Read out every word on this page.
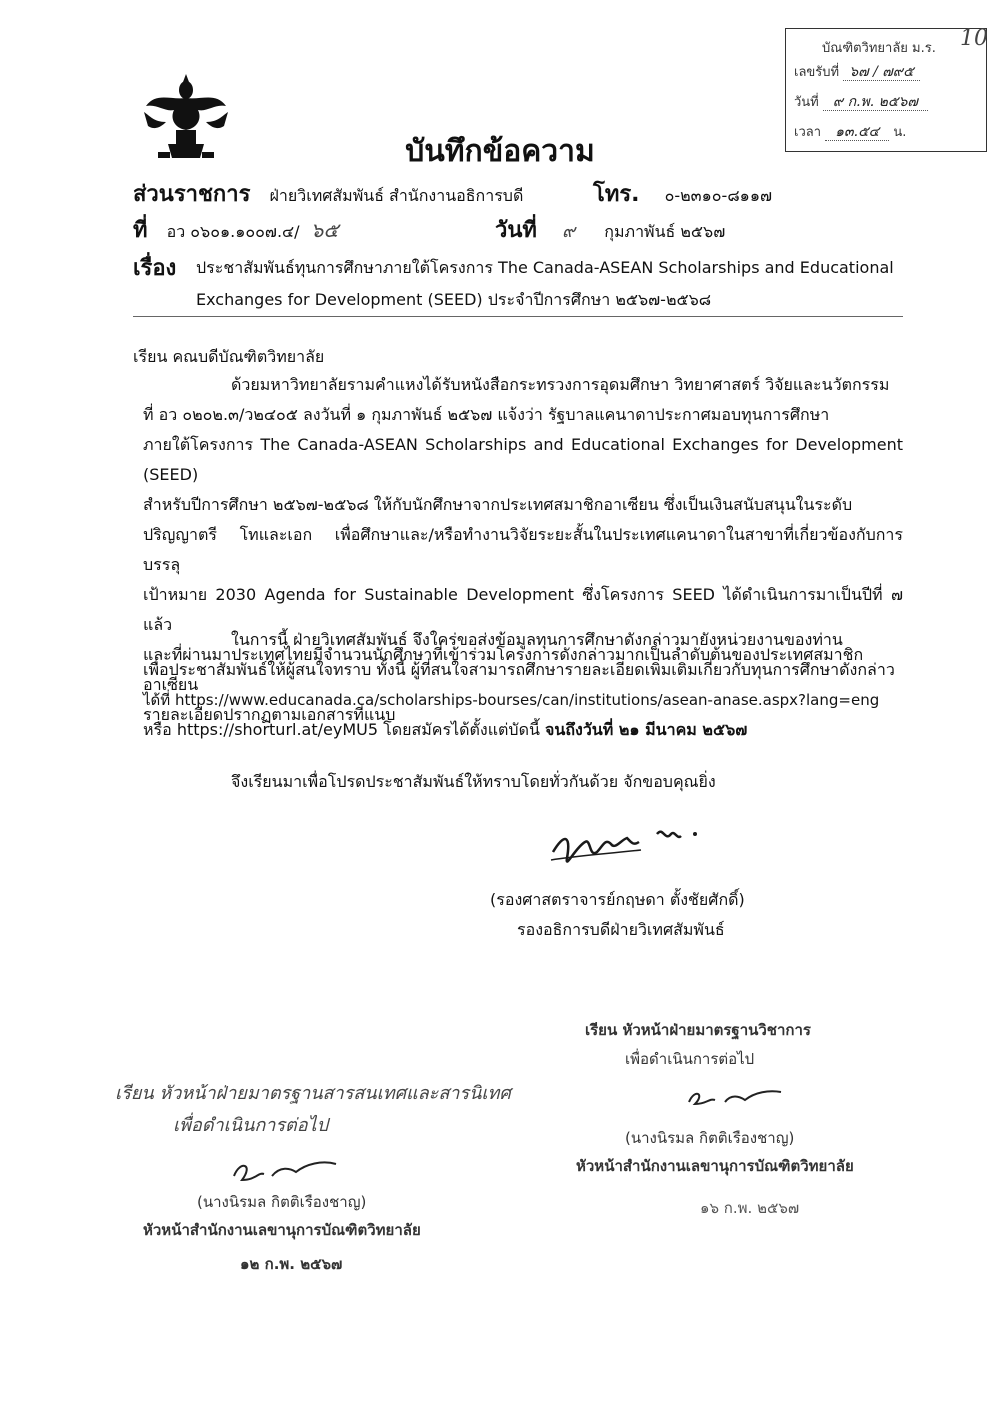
บัณฑิตวิทยาลัย ม.ร.
เลขรับที่ ๖๗ / ๗๙๕
วันที่ ๙ ก.พ. ๒๕๖๗
เวลา ๑๓.๕๔ น.
10
บันทึกข้อความ
ส่วนราชการ ฝ่ายวิเทศสัมพันธ์ สำนักงานอธิการบดี	โทร. ๐-๒๓๑๐-๘๑๑๗
ที่ อว ๐๖๐๑.๑๐๐๗.๔/ ๖๕	วันที่ ๙ กุมภาพันธ์ ๒๕๖๗
เรื่อง ประชาสัมพันธ์ทุนการศึกษาภายใต้โครงการ The Canada-ASEAN Scholarships and Educational
Exchanges for Development (SEED) ประจำปีการศึกษา ๒๕๖๗-๒๕๖๘
เรียน คณบดีบัณฑิตวิทยาลัย
ด้วยมหาวิทยาลัยรามคำแหงได้รับหนังสือกระทรวงการอุดมศึกษา วิทยาศาสตร์ วิจัยและนวัตกรรม
ที่ อว ๐๒๐๒.๓/ว๒๔๐๕ ลงวันที่ ๑ กุมภาพันธ์ ๒๕๖๗ แจ้งว่า รัฐบาลแคนาดาประกาศมอบทุนการศึกษา
ภายใต้โครงการ The Canada-ASEAN Scholarships and Educational Exchanges for Development (SEED)
สำหรับปีการศึกษา ๒๕๖๗-๒๕๖๘ ให้กับนักศึกษาจากประเทศสมาชิกอาเซียน ซึ่งเป็นเงินสนับสนุนในระดับ
ปริญญาตรี โทและเอก เพื่อศึกษาและ/หรือทำงานวิจัยระยะสั้นในประเทศแคนาดาในสาขาที่เกี่ยวข้องกับการบรรลุ
เป้าหมาย 2030 Agenda for Sustainable Development ซึ่งโครงการ SEED ได้ดำเนินการมาเป็นปีที่ ๗ แล้ว
และที่ผ่านมาประเทศไทยมีจำนวนนักศึกษาที่เข้าร่วมโครงการดังกล่าวมากเป็นลำดับต้นของประเทศสมาชิกอาเซียน
รายละเอียดปรากฏตามเอกสารที่แนบ
ในการนี้ ฝ่ายวิเทศสัมพันธ์ จึงใคร่ขอส่งข้อมูลทุนการศึกษาดังกล่าวมายังหน่วยงานของท่าน
เพื่อประชาสัมพันธ์ให้ผู้สนใจทราบ ทั้งนี้ ผู้ที่สนใจสามารถศึกษารายละเอียดเพิ่มเติมเกี่ยวกับทุนการศึกษาดังกล่าว
ได้ที่ https://www.educanada.ca/scholarships-bourses/can/institutions/asean-anase.aspx?lang=eng
หรือ https://shorturl.at/eyMU5 โดยสมัครได้ตั้งแต่บัดนี้ จนถึงวันที่ ๒๑ มีนาคม ๒๕๖๗
จึงเรียนมาเพื่อโปรดประชาสัมพันธ์ให้ทราบโดยทั่วกันด้วย จักขอบคุณยิ่ง
(รองศาสตราจารย์กฤษดา ตั้งชัยศักดิ์)
รองอธิการบดีฝ่ายวิเทศสัมพันธ์
เรียน หัวหน้าฝ่ายมาตรฐานวิชาการ
เพื่อดำเนินการต่อไป
(นางนิรมล กิตติเรืองชาญ)
หัวหน้าสำนักงานเลขานุการบัณฑิตวิทยาลัย
๑๖ ก.พ. ๒๕๖๗
เรียน หัวหน้าฝ่ายมาตรฐานสารสนเทศและสารนิเทศ
เพื่อดำเนินการต่อไป
(นางนิรมล กิตติเรืองชาญ)
หัวหน้าสำนักงานเลขานุการบัณฑิตวิทยาลัย
๑๒ ก.พ. ๒๕๖๗
